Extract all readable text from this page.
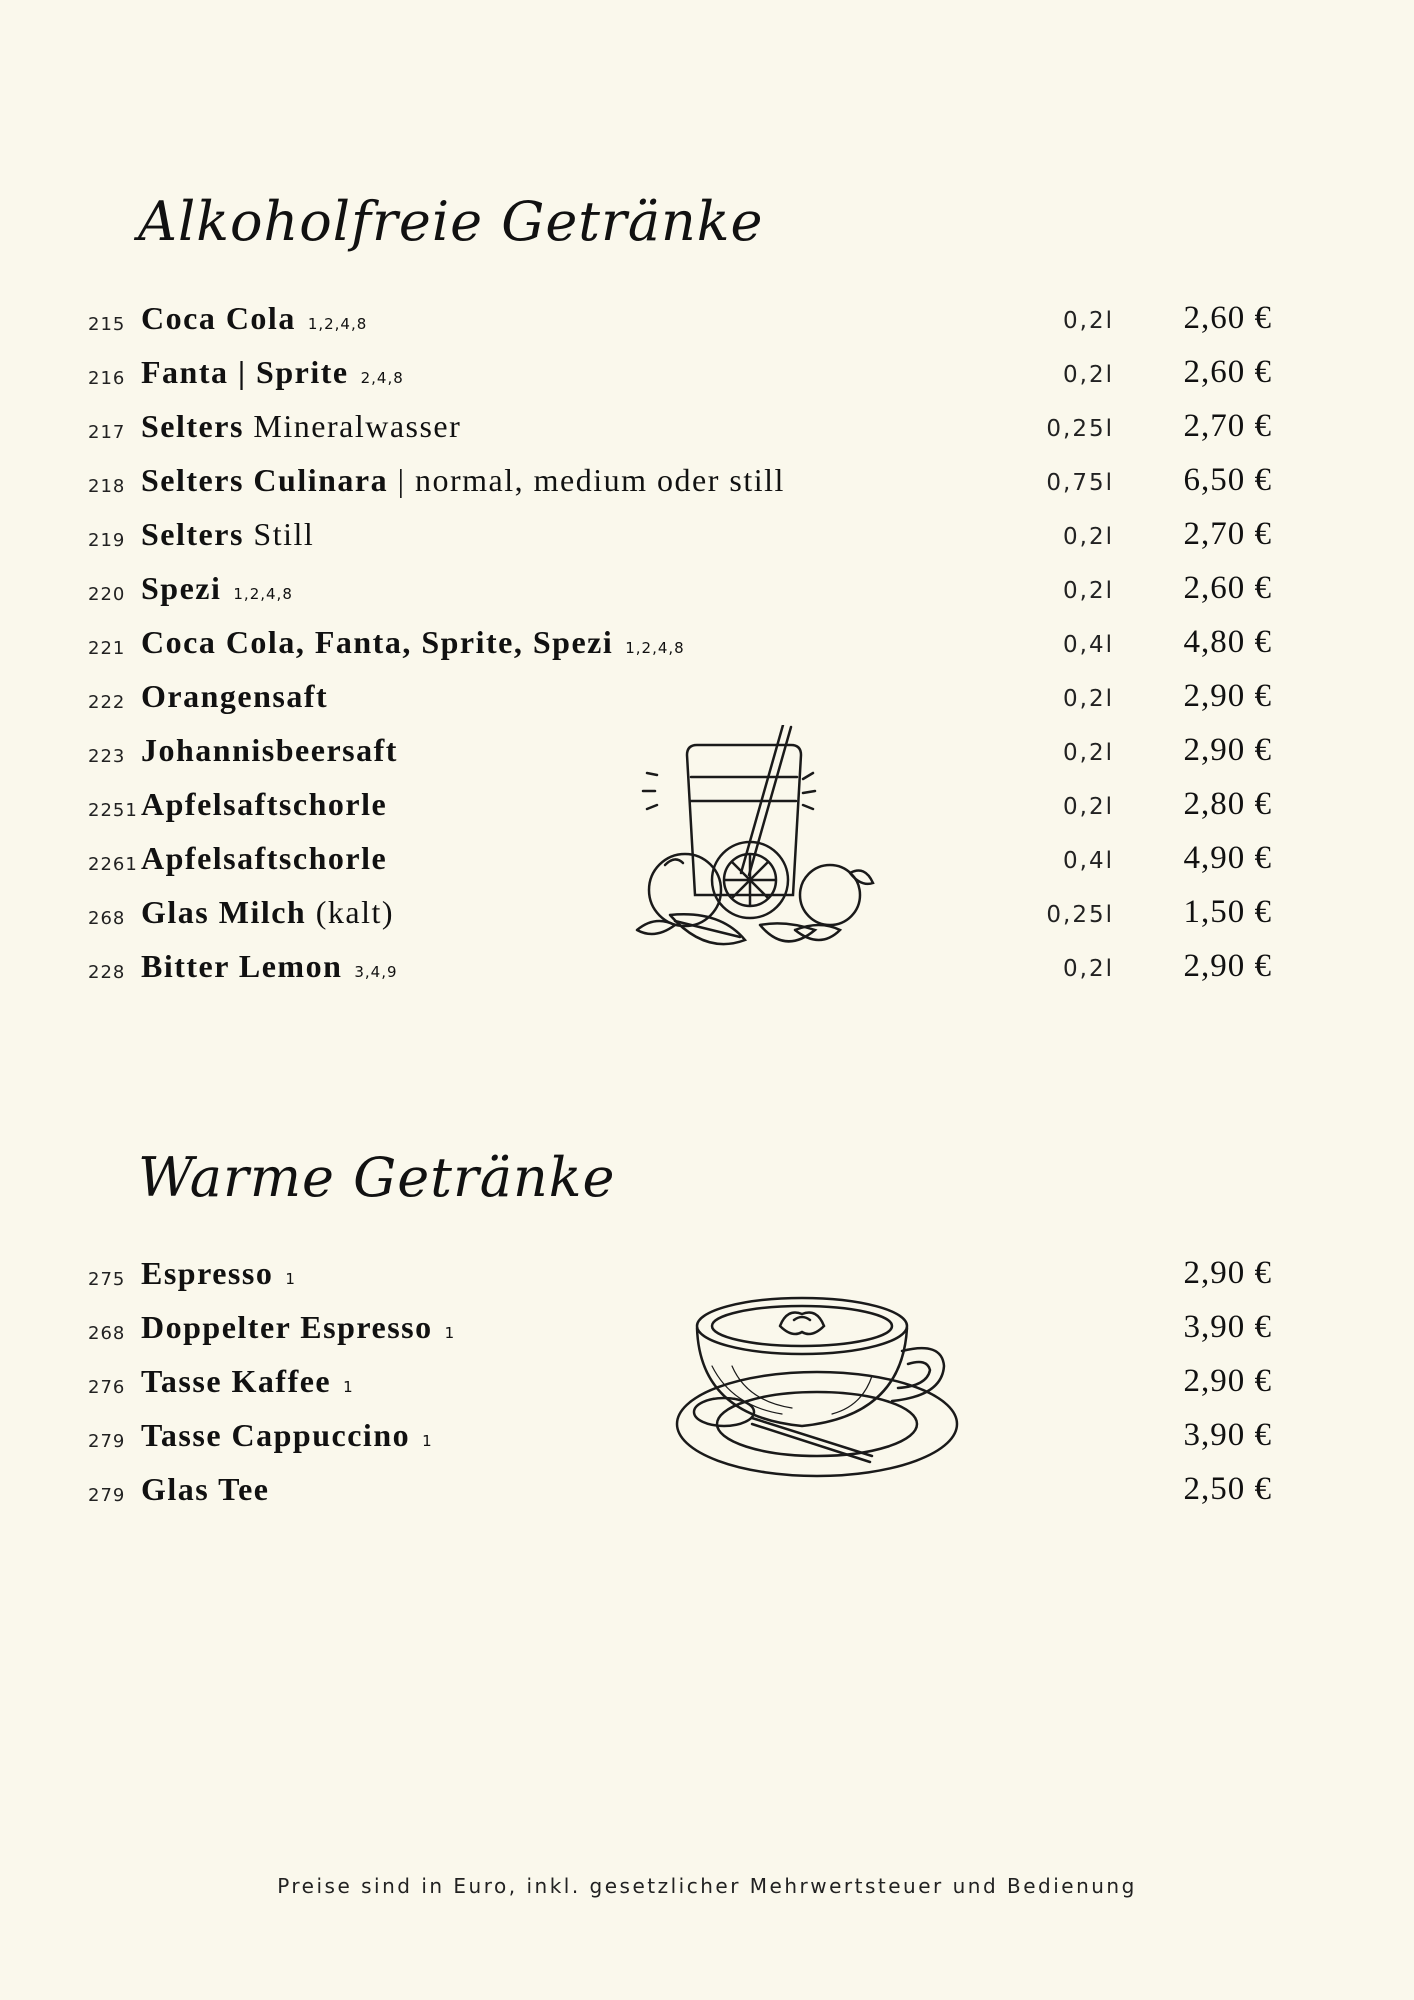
Alkoholfreie Getränke
215 Coca Cola 1,2,4,8	0,2l 2,60 €
216 Fanta | Sprite 2,4,8	0,2l 2,60 €
217 Selters Mineralwasser	0,25l 2,70 €
218 Selters Culinara | normal, medium oder still	0,75l 6,50 €
219 Selters Still	0,2l 2,70 €
220 Spezi 1,2,4,8	0,2l 2,60 €
221 Coca Cola, Fanta, Sprite, Spezi 1,2,4,8	0,4l 4,80 €
222 Orangensaft	0,2l 2,90 €
223 Johannisbeersaft	0,2l 2,90 €
2251 Apfelsaftschorle	0,2l 2,80 €
2261 Apfelsaftschorle	0,4l 4,90 €
268 Glas Milch (kalt)	0,25l 1,50 €
228 Bitter Lemon 3,4,9	0,2l 2,90 €
Warme Getränke
275 Espresso 1	2,90 €
268 Doppelter Espresso 1	3,90 €
276 Tasse Kaffee 1	2,90 €
279 Tasse Cappuccino 1	3,90 €
279 Glas Tee	2,50 €
Preise sind in Euro, inkl. gesetzlicher Mehrwertsteuer und Bedienung
